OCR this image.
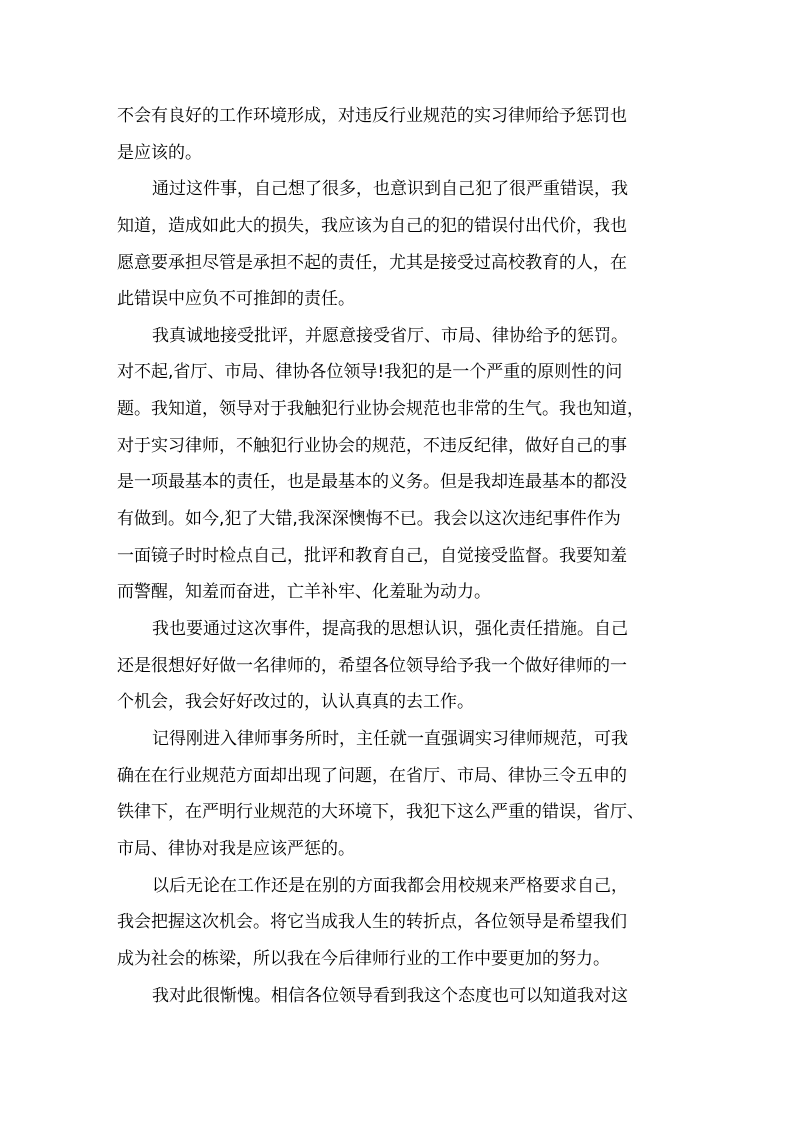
不会有良好的工作环境形成，对违反行业规范的实习律师给予惩罚也
是应该的。
通过这件事，自己想了很多，也意识到自己犯了很严重错误，我
知道，造成如此大的损失，我应该为自己的犯的错误付出代价，我也
愿意要承担尽管是承担不起的责任，尤其是接受过高校教育的人，在
此错误中应负不可推卸的责任。
我真诚地接受批评，并愿意接受省厅、市局、律协给予的惩罚。
对不起,省厅、市局、律协各位领导!我犯的是一个严重的原则性的问
题。我知道，领导对于我触犯行业协会规范也非常的生气。我也知道，
对于实习律师，不触犯行业协会的规范，不违反纪律，做好自己的事
是一项最基本的责任，也是最基本的义务。但是我却连最基本的都没
有做到。如今,犯了大错,我深深懊悔不已。我会以这次违纪事件作为
一面镜子时时检点自己，批评和教育自己，自觉接受监督。我要知羞
而警醒，知羞而奋进，亡羊补牢、化羞耻为动力。
我也要通过这次事件，提高我的思想认识，强化责任措施。自己
还是很想好好做一名律师的，希望各位领导给予我一个做好律师的一
个机会，我会好好改过的，认认真真的去工作。
记得刚进入律师事务所时，主任就一直强调实习律师规范，可我
确在在行业规范方面却出现了问题，在省厅、市局、律协三令五申的
铁律下，在严明行业规范的大环境下，我犯下这么严重的错误，省厅、
市局、律协对我是应该严惩的。
以后无论在工作还是在别的方面我都会用校规来严格要求自己，
我会把握这次机会。将它当成我人生的转折点，各位领导是希望我们
成为社会的栋梁，所以我在今后律师行业的工作中要更加的努力。
我对此很惭愧。相信各位领导看到我这个态度也可以知道我对这
